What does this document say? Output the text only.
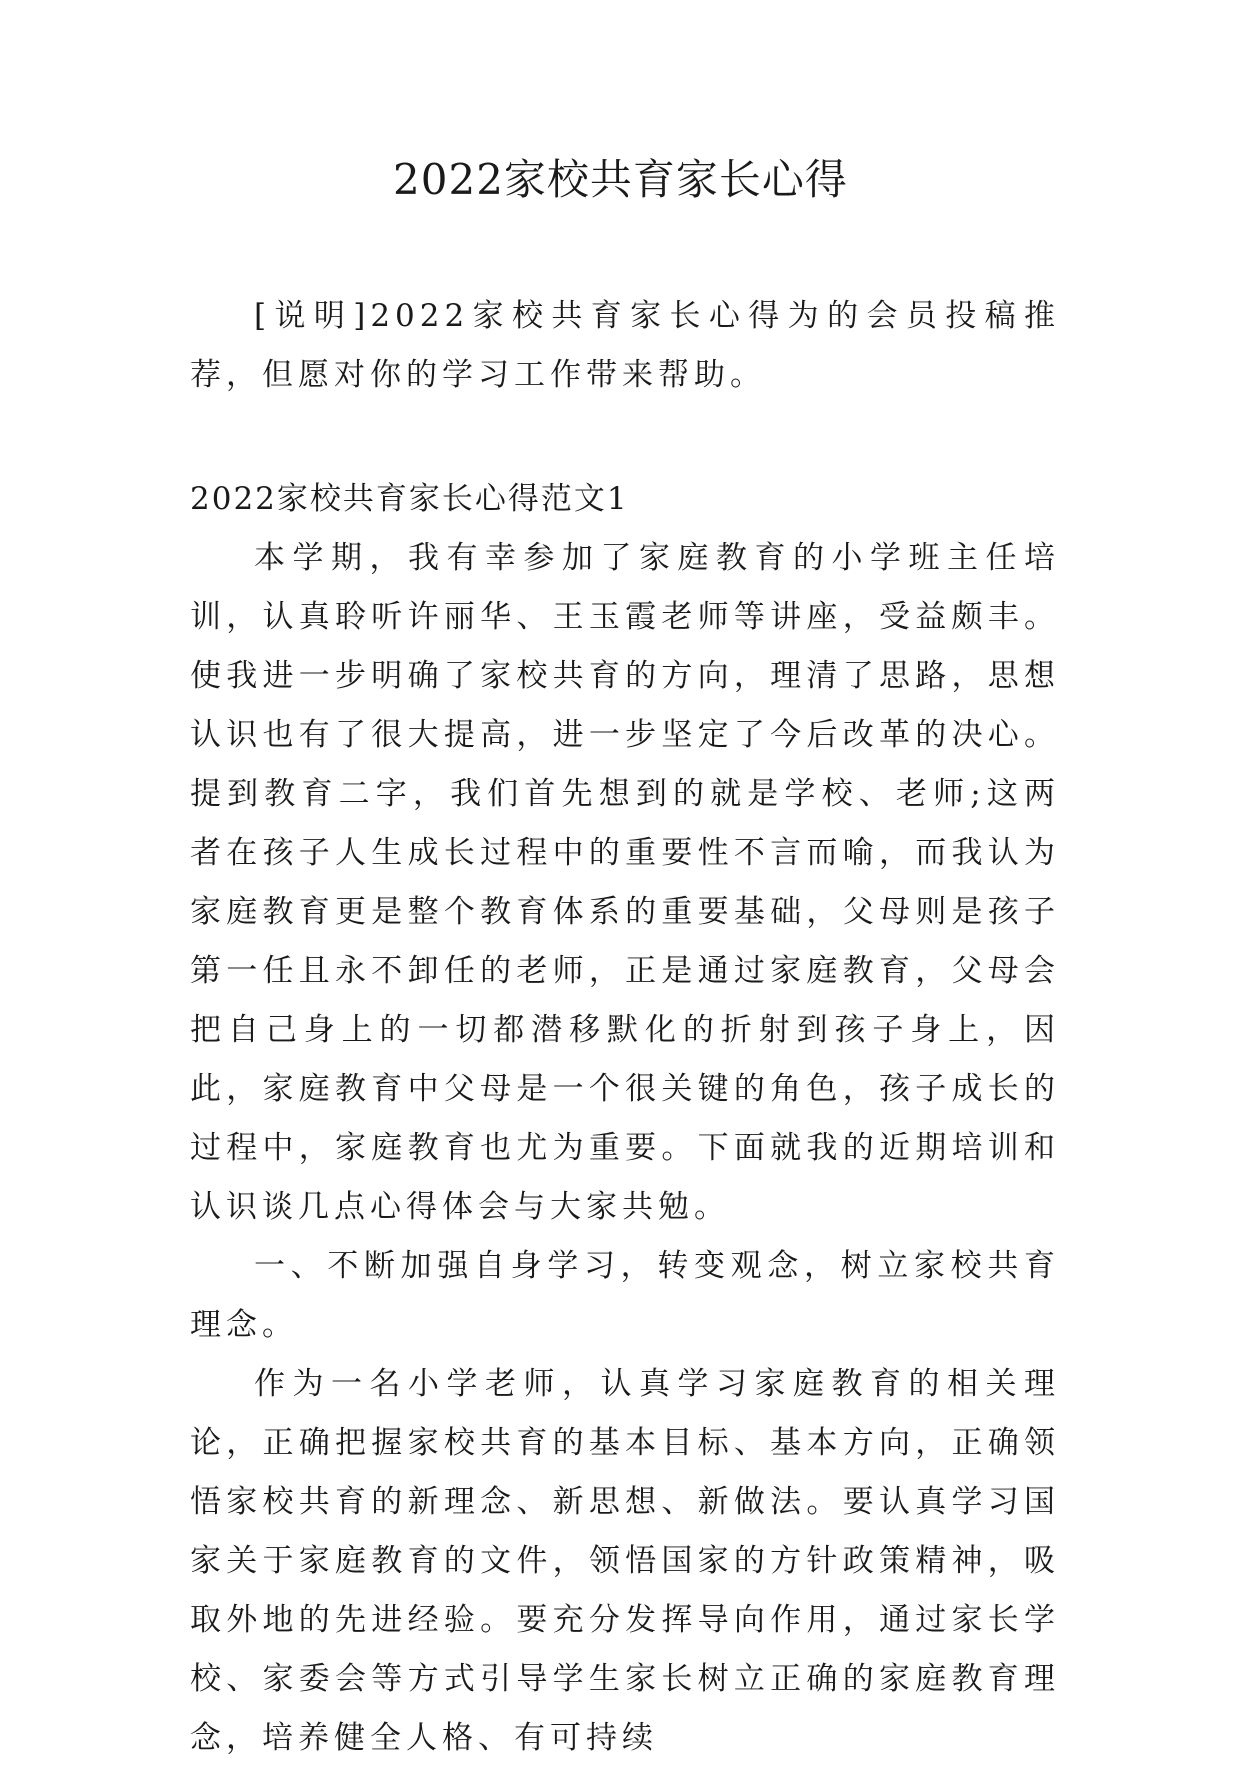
2022家校共育家长心得

[说明]2022家校共育家长心得为的会员投稿推荐，但愿对你的学习工作带来帮助。

2022家校共育家长心得范文1

本学期，我有幸参加了家庭教育的小学班主任培训，认真聆听许丽华、王玉霞老师等讲座，受益颇丰。使我进一步明确了家校共育的方向，理清了思路，思想认识也有了很大提高，进一步坚定了今后改革的决心。提到教育二字，我们首先想到的就是学校、老师;这两者在孩子人生成长过程中的重要性不言而喻，而我认为家庭教育更是整个教育体系的重要基础，父母则是孩子第一任且永不卸任的老师，正是通过家庭教育，父母会把自己身上的一切都潜移默化的折射到孩子身上，因此，家庭教育中父母是一个很关键的角色，孩子成长的过程中，家庭教育也尤为重要。下面就我的近期培训和认识谈几点心得体会与大家共勉。

一、不断加强自身学习，转变观念，树立家校共育理念。

作为一名小学老师，认真学习家庭教育的相关理论，正确把握家校共育的基本目标、基本方向，正确领悟家校共育的新理念、新思想、新做法。要认真学习国家关于家庭教育的文件，领悟国家的方针政策精神，吸取外地的先进经验。要充分发挥导向作用，通过家长学校、家委会等方式引导学生家长树立正确的家庭教育理念，培养健全人格、有可持续
